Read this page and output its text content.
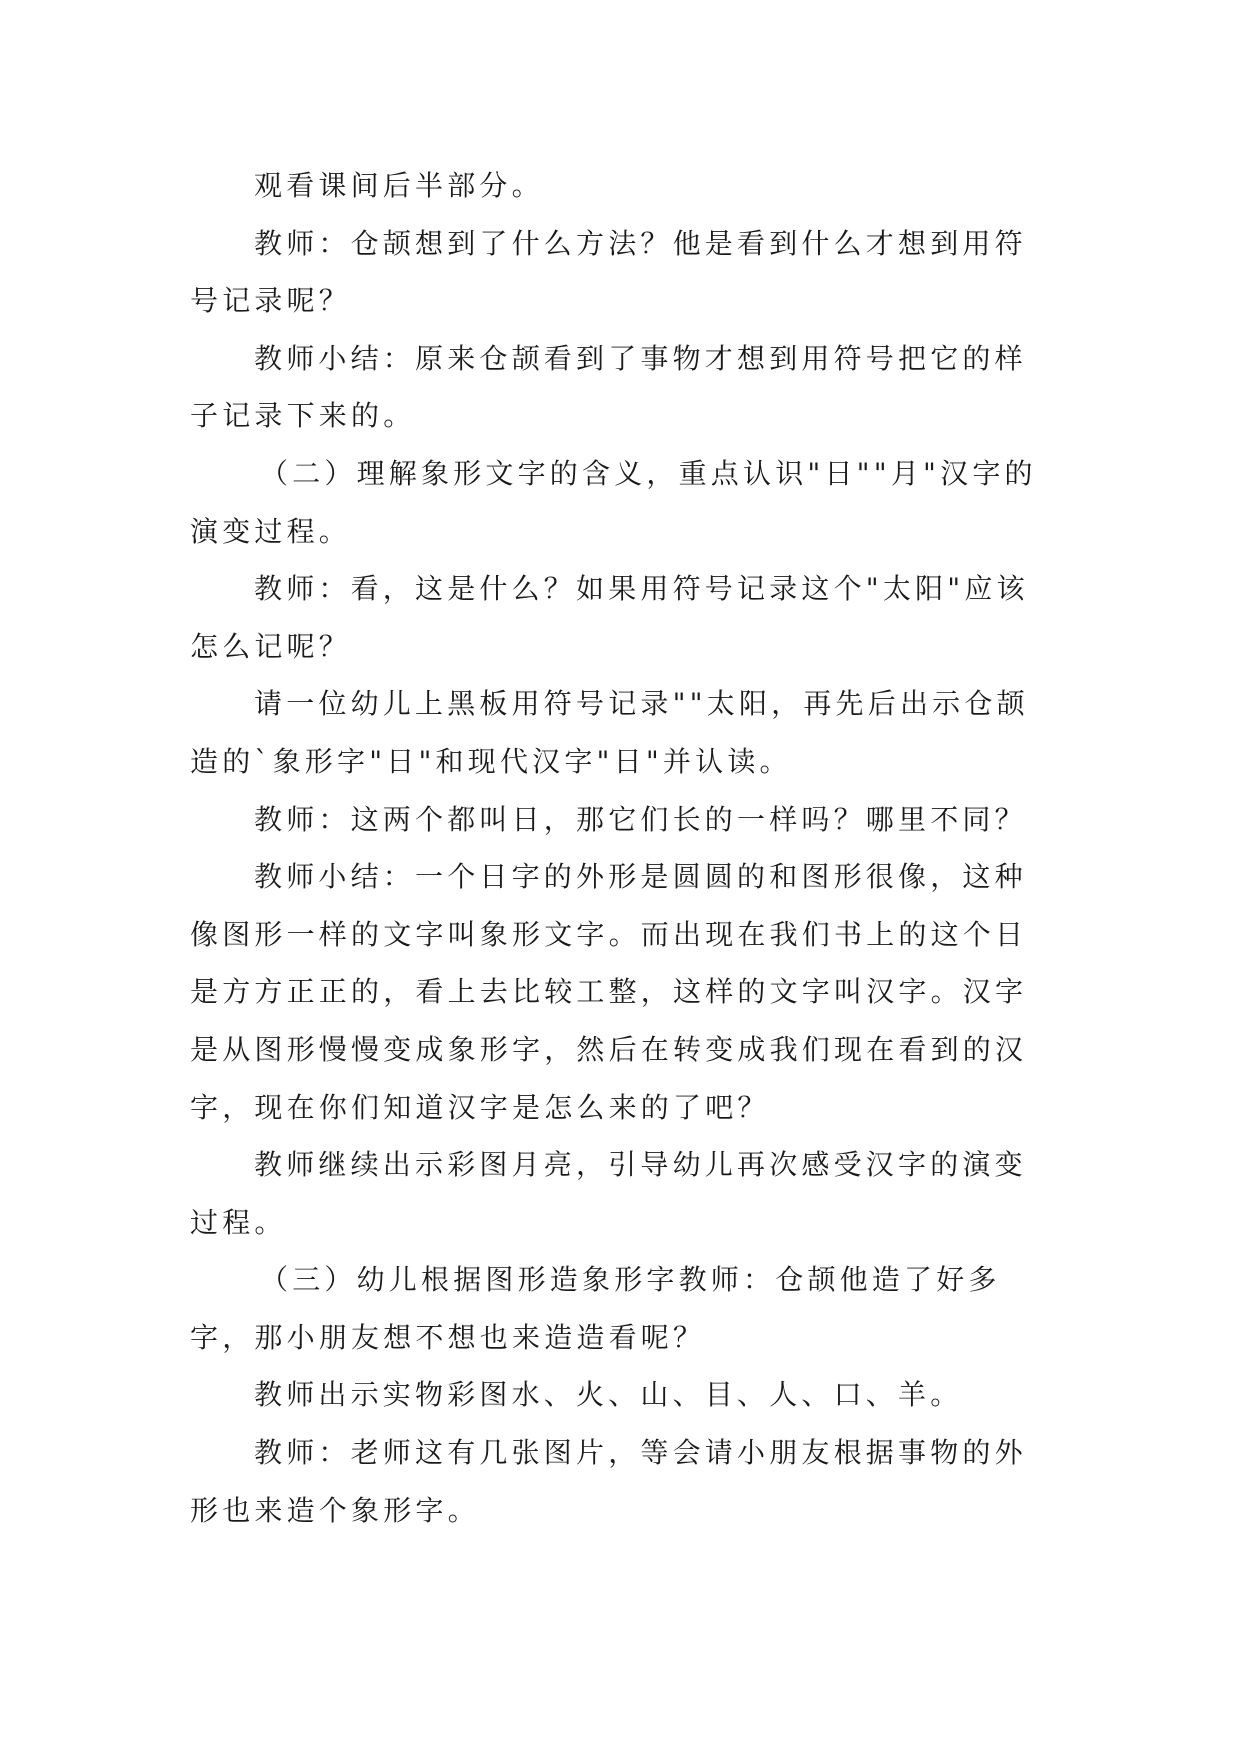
观看课间后半部分。

教师：仓颉想到了什么方法？他是看到什么才想到用符号记录呢？

教师小结：原来仓颉看到了事物才想到用符号把它的样子记录下来的。

（二）理解象形文字的含义，重点认识"日""月"汉字的演变过程。

教师：看，这是什么？如果用符号记录这个"太阳"应该怎么记呢？

请一位幼儿上黑板用符号记录""太阳，再先后出示仓颉造的`象形字"日"和现代汉字"日"并认读。

教师：这两个都叫日，那它们长的一样吗？哪里不同？

教师小结：一个日字的外形是圆圆的和图形很像，这种像图形一样的文字叫象形文字。而出现在我们书上的这个日是方方正正的，看上去比较工整，这样的文字叫汉字。汉字是从图形慢慢变成象形字，然后在转变成我们现在看到的汉字，现在你们知道汉字是怎么来的了吧？

教师继续出示彩图月亮，引导幼儿再次感受汉字的演变过程。

（三）幼儿根据图形造象形字教师：仓颉他造了好多字，那小朋友想不想也来造造看呢？

教师出示实物彩图水、火、山、目、人、口、羊。

教师：老师这有几张图片，等会请小朋友根据事物的外形也来造个象形字。
